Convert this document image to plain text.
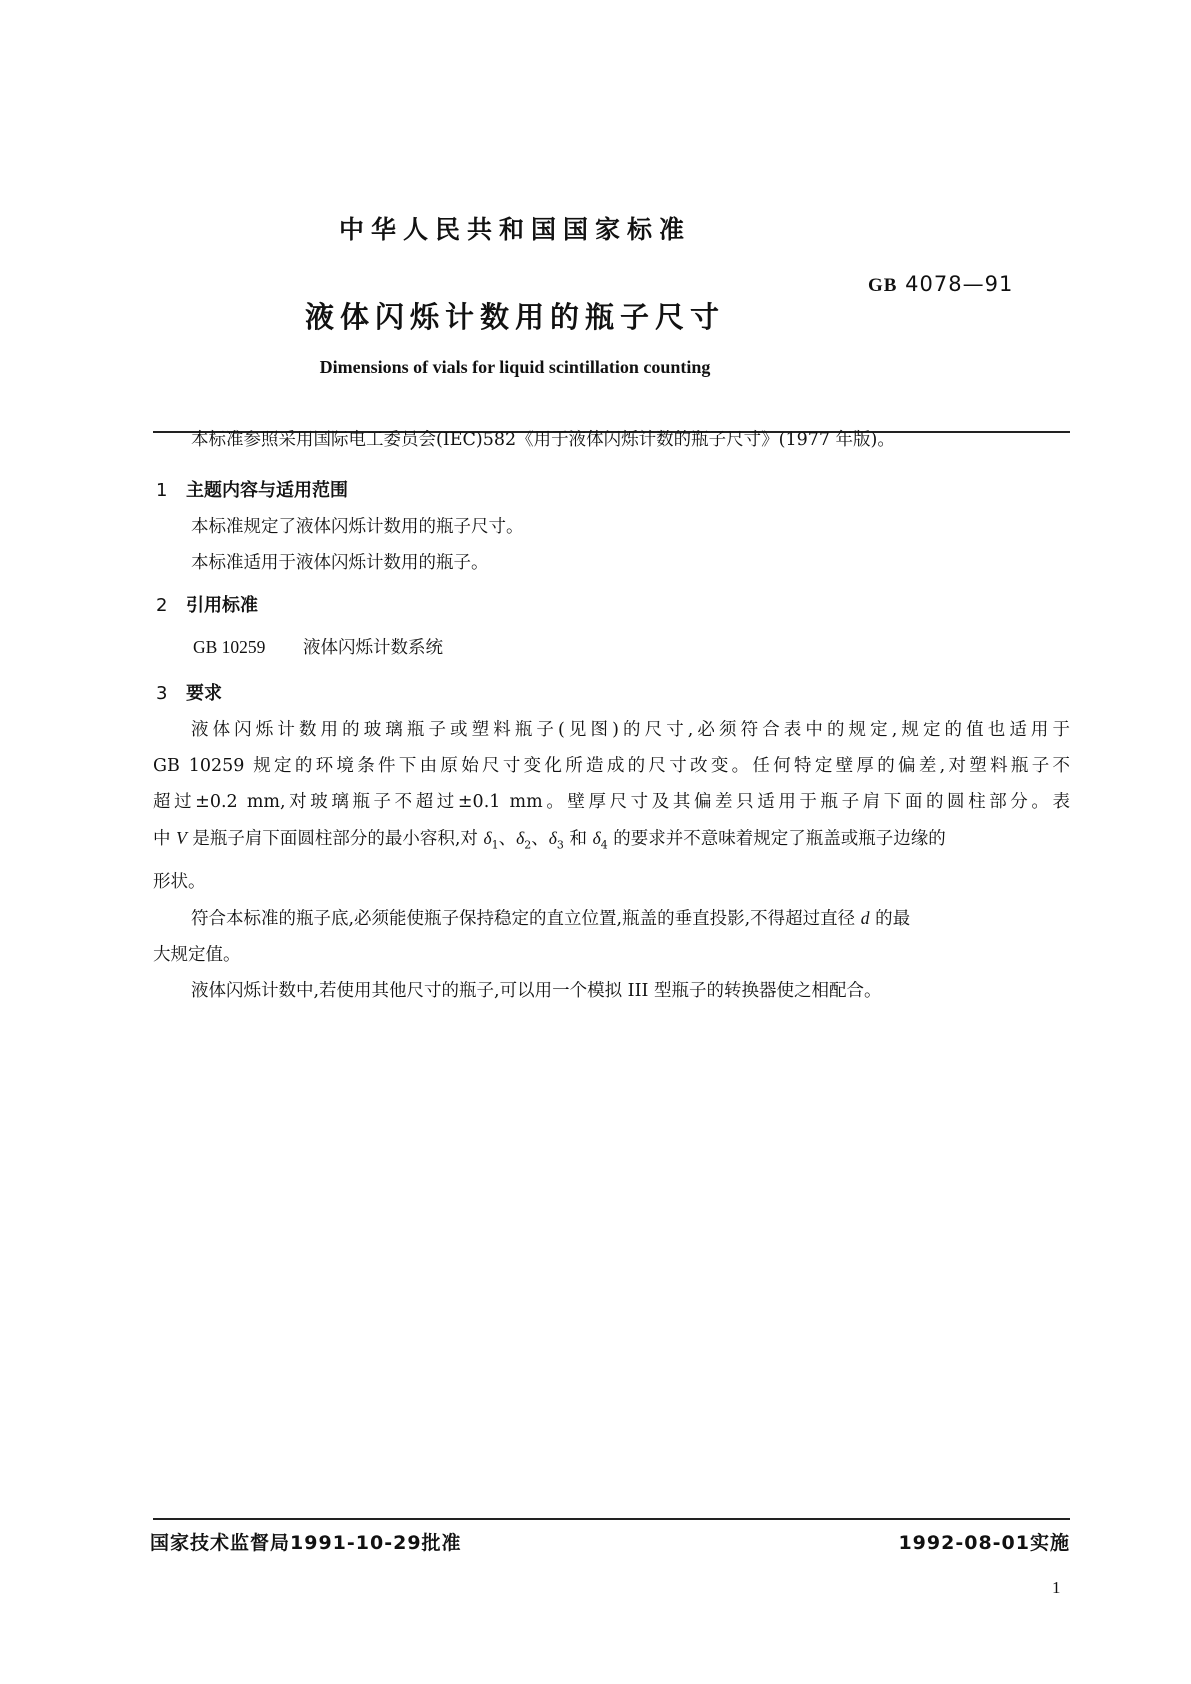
中华人民共和国国家标准
GB 4078—91
液体闪烁计数用的瓶子尺寸
Dimensions of vials for liquid scintillation counting
本标准参照采用国际电工委员会(IEC)582《用于液体闪烁计数的瓶子尺寸》(1977 年版)。
1 主题内容与适用范围
本标准规定了液体闪烁计数用的瓶子尺寸。
本标准适用于液体闪烁计数用的瓶子。
2 引用标准
GB 10259 液体闪烁计数系统
3 要求
液体闪烁计数用的玻璃瓶子或塑料瓶子(见图)的尺寸,必须符合表中的规定,规定的值也适用于
GB 10259 规定的环境条件下由原始尺寸变化所造成的尺寸改变。任何特定壁厚的偏差,对塑料瓶子不
超过±0.2 mm,对玻璃瓶子不超过±0.1 mm。壁厚尺寸及其偏差只适用于瓶子肩下面的圆柱部分。表
中 V 是瓶子肩下面圆柱部分的最小容积,对 $\delta_1$、$\delta_2$、$\delta_3$ 和 $\delta_4$ 的要求并不意味着规定了瓶盖或瓶子边缘的
形状。
符合本标准的瓶子底,必须能使瓶子保持稳定的直立位置,瓶盖的垂直投影,不得超过直径 d 的最
大规定值。
液体闪烁计数中,若使用其他尺寸的瓶子,可以用一个模拟 III 型瓶子的转换器使之相配合。
国家技术监督局1991-10-29批准	1992-08-01实施
1
